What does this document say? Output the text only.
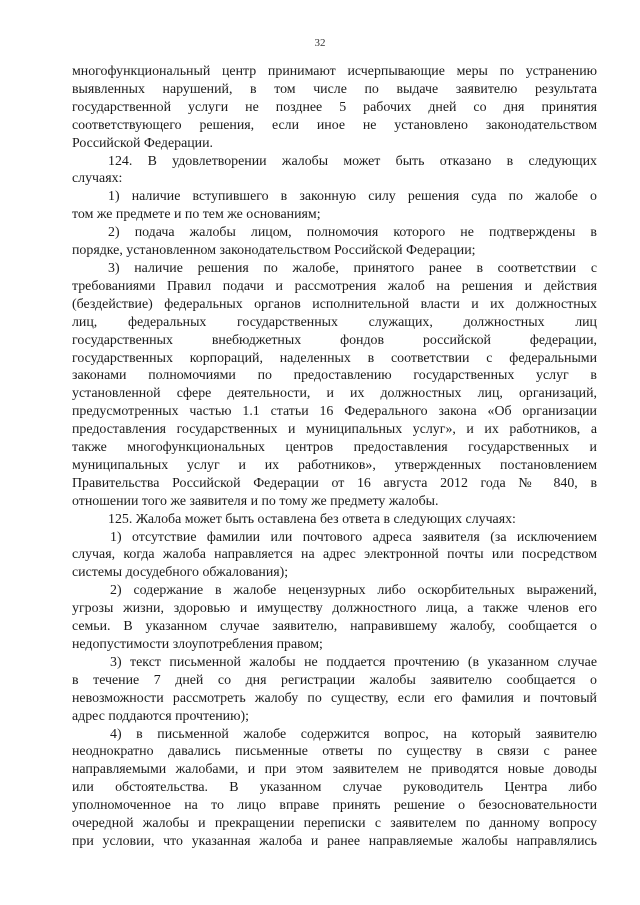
32
многофункциональный центр принимают исчерпывающие меры по устранению
выявленных нарушений, в том числе по выдаче заявителю результата
государственной услуги не позднее 5 рабочих дней со дня принятия
соответствующего решения, если иное не установлено законодательством
Российской Федерации.
124. В удовлетворении жалобы может быть отказано в следующих
случаях:
1) наличие вступившего в законную силу решения суда по жалобе о
том же предмете и по тем же основаниям;
2) подача жалобы лицом, полномочия которого не подтверждены в
порядке, установленном законодательством Российской Федерации;
3) наличие решения по жалобе, принятого ранее в соответствии с
требованиями Правил подачи и рассмотрения жалоб на решения и действия
(бездействие) федеральных органов исполнительной власти и их должностных
лиц, федеральных государственных служащих, должностных лиц
государственных внебюджетных фондов российской федерации,
государственных корпораций, наделенных в соответствии с федеральными
законами полномочиями по предоставлению государственных услуг в
установленной сфере деятельности, и их должностных лиц, организаций,
предусмотренных частью 1.1 статьи 16 Федерального закона «Об организации
предоставления государственных и муниципальных услуг», и их работников, а
также многофункциональных центров предоставления государственных и
муниципальных услуг и их работников», утвержденных постановлением
Правительства Российской Федерации от 16 августа 2012 года № 840, в
отношении того же заявителя и по тому же предмету жалобы.
125. Жалоба может быть оставлена без ответа в следующих случаях:
1) отсутствие фамилии или почтового адреса заявителя (за исключением
случая, когда жалоба направляется на адрес электронной почты или посредством
системы досудебного обжалования);
2) содержание в жалобе нецензурных либо оскорбительных выражений,
угрозы жизни, здоровью и имуществу должностного лица, а также членов его
семьи. В указанном случае заявителю, направившему жалобу, сообщается о
недопустимости злоупотребления правом;
3) текст письменной жалобы не поддается прочтению (в указанном случае
в течение 7 дней со дня регистрации жалобы заявителю сообщается о
невозможности рассмотреть жалобу по существу, если его фамилия и почтовый
адрес поддаются прочтению);
4) в письменной жалобе содержится вопрос, на который заявителю
неоднократно давались письменные ответы по существу в связи с ранее
направляемыми жалобами, и при этом заявителем не приводятся новые доводы
или обстоятельства. В указанном случае руководитель Центра либо
уполномоченное на то лицо вправе принять решение о безосновательности
очередной жалобы и прекращении переписки с заявителем по данному вопросу
при условии, что указанная жалоба и ранее направляемые жалобы направлялись
